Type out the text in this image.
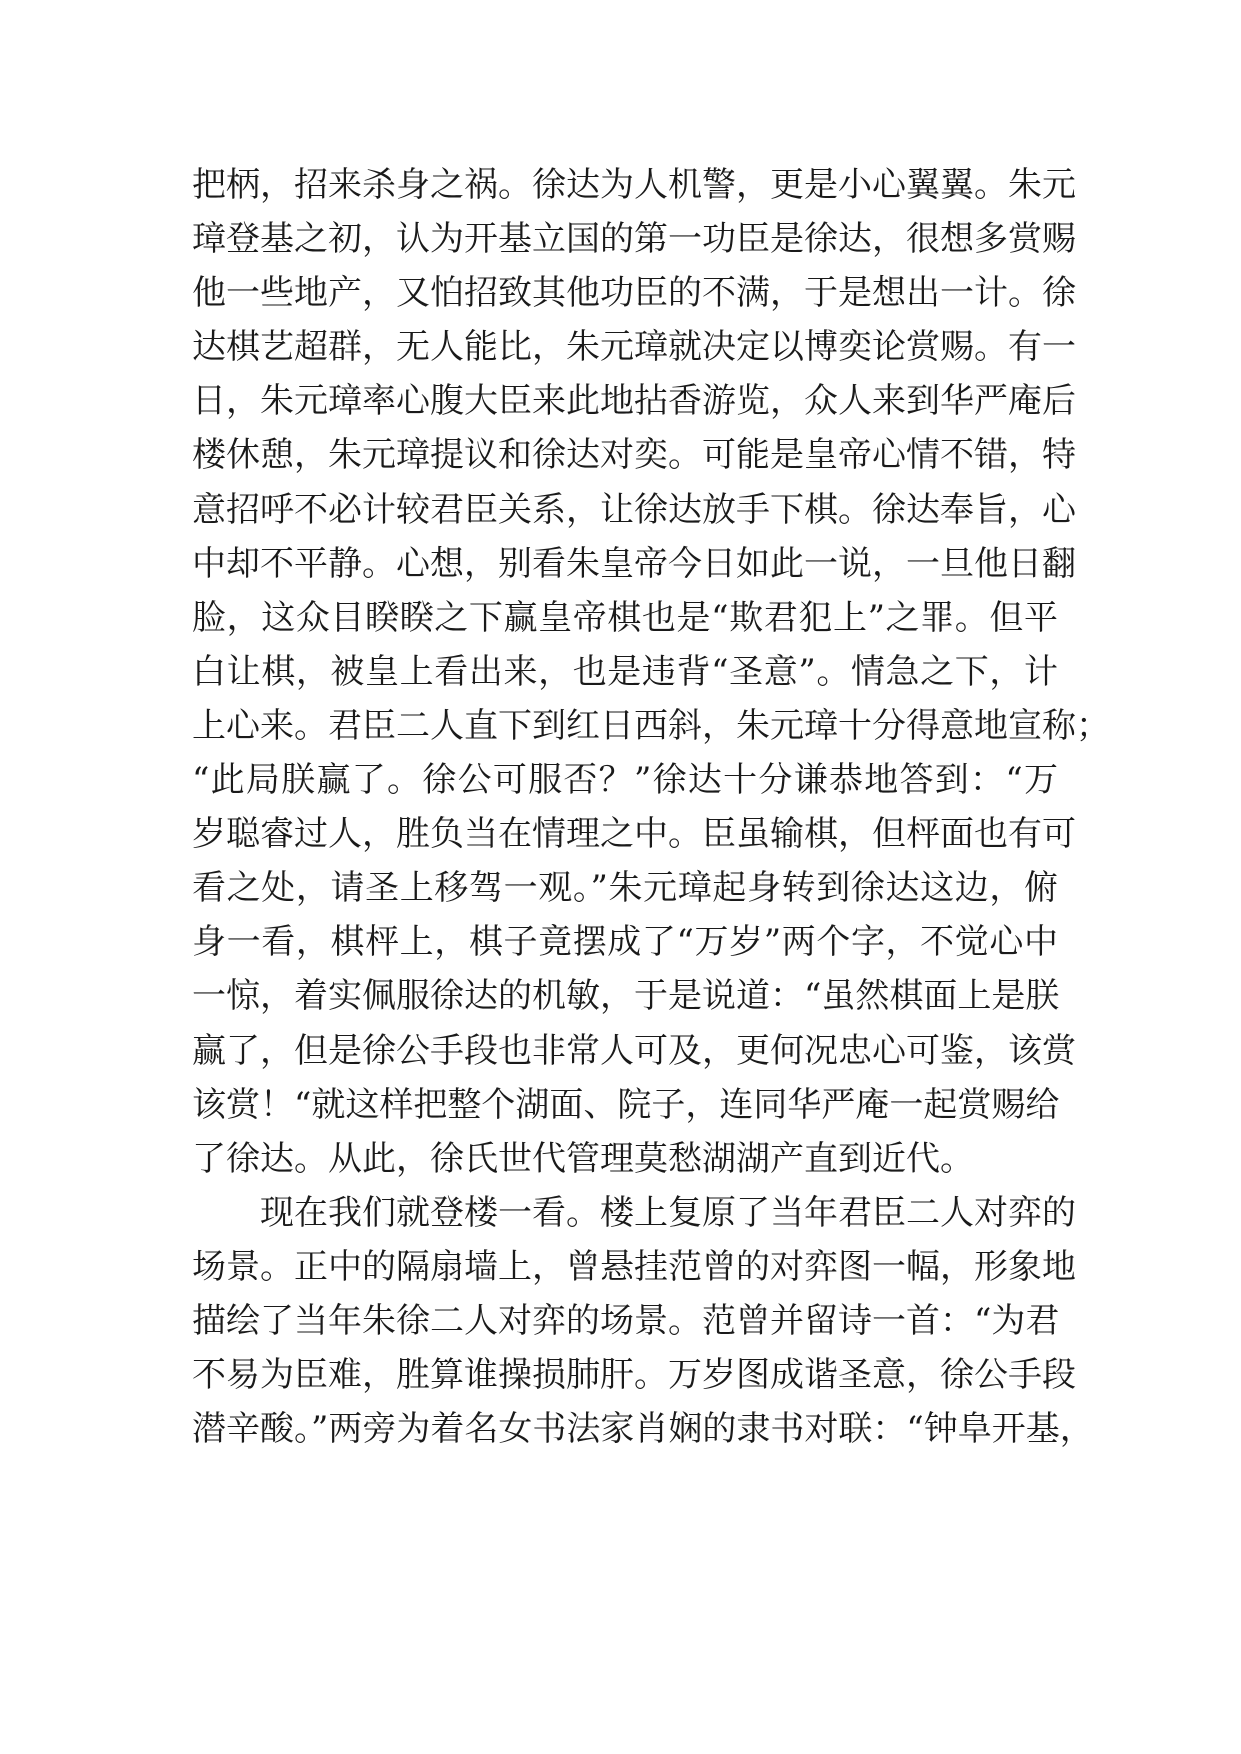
把柄，招来杀身之祸。徐达为人机警，更是小心翼翼。朱元
璋登基之初，认为开基立国的第一功臣是徐达，很想多赏赐
他一些地产，又怕招致其他功臣的不满，于是想出一计。徐
达棋艺超群，无人能比，朱元璋就决定以博奕论赏赐。有一
日，朱元璋率心腹大臣来此地拈香游览，众人来到华严庵后
楼休憩，朱元璋提议和徐达对奕。可能是皇帝心情不错，特
意招呼不必计较君臣关系，让徐达放手下棋。徐达奉旨，心
中却不平静。心想，别看朱皇帝今日如此一说，一旦他日翻
脸，这众目睽睽之下赢皇帝棋也是“欺君犯上”之罪。但平
白让棋，被皇上看出来，也是违背“圣意”。情急之下，计
上心来。君臣二人直下到红日西斜，朱元璋十分得意地宣称；
“此局朕赢了。徐公可服否？”徐达十分谦恭地答到：“万
岁聪睿过人，胜负当在情理之中。臣虽输棋，但枰面也有可
看之处，请圣上移驾一观。”朱元璋起身转到徐达这边，俯
身一看，棋枰上，棋子竟摆成了“万岁”两个字，不觉心中
一惊，着实佩服徐达的机敏，于是说道：“虽然棋面上是朕
赢了，但是徐公手段也非常人可及，更何况忠心可鉴，该赏
该赏！“就这样把整个湖面、院子，连同华严庵一起赏赐给
了徐达。从此，徐氏世代管理莫愁湖湖产直到近代。
现在我们就登楼一看。楼上复原了当年君臣二人对弈的
场景。正中的隔扇墙上，曾悬挂范曾的对弈图一幅，形象地
描绘了当年朱徐二人对弈的场景。范曾并留诗一首：“为君
不易为臣难，胜算谁操损肺肝。万岁图成谐圣意，徐公手段
潜辛酸。”两旁为着名女书法家肖娴的隶书对联：“钟阜开基，
